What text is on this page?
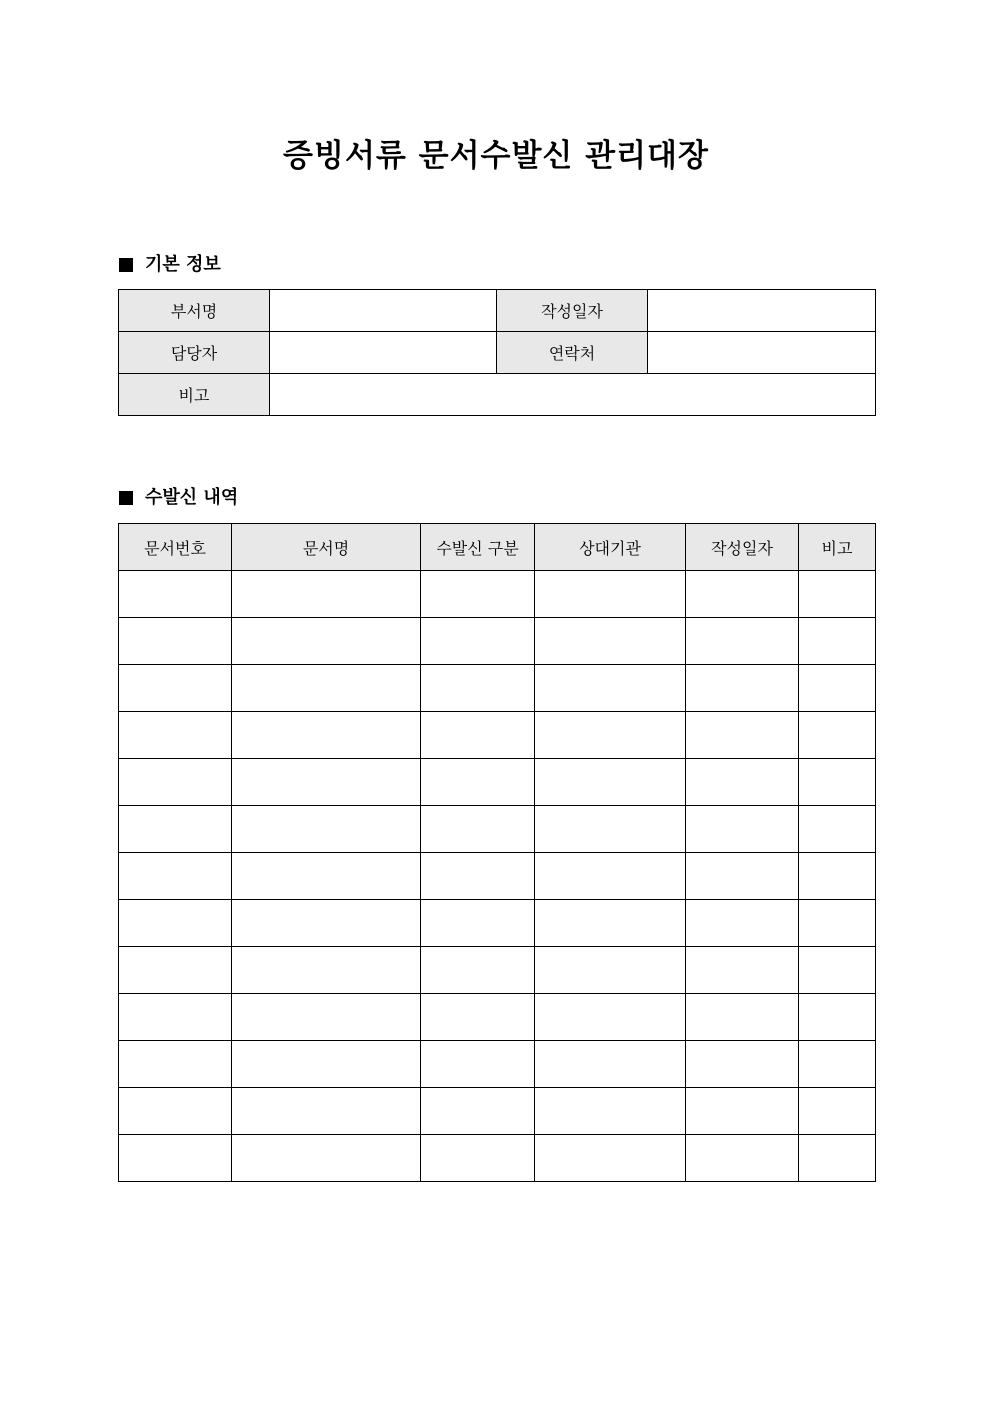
증빙서류 문서수발신 관리대장
기본 정보
부서명		작성일자	
담당자		연락처	
비고			
수발신 내역
문서번호	문서명	수발신 구분	상대기관	작성일자	비고
